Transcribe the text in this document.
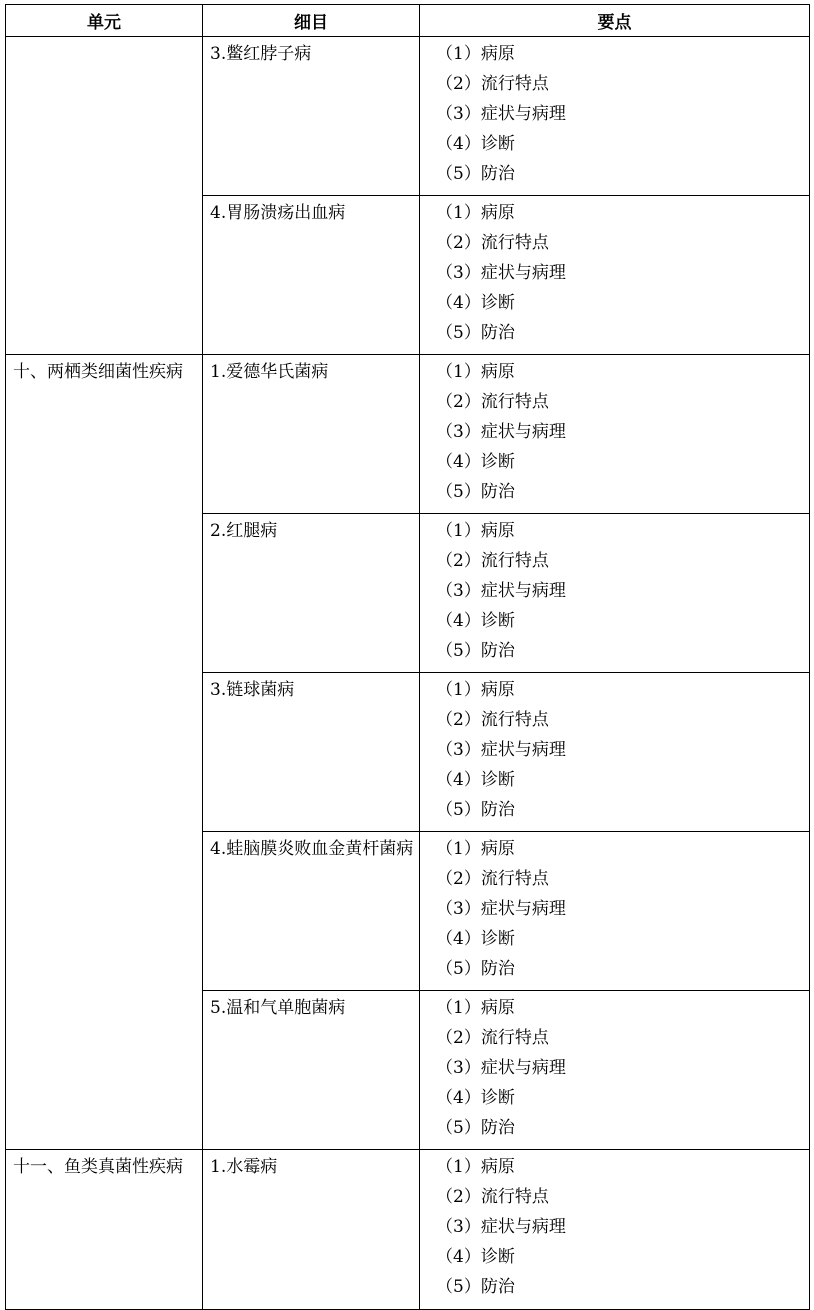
单元	细目	要点
	3.鳖红脖子病	（1）病原
（2）流行特点
（3）症状与病理
（4）诊断
（5）防治

	4.胃肠溃疡出血病	（1）病原
（2）流行特点
（3）症状与病理
（4）诊断
（5）防治

十、两栖类细菌性疾病	1.爱德华氏菌病	（1）病原
（2）流行特点
（3）症状与病理
（4）诊断
（5）防治

	2.红腿病	（1）病原
（2）流行特点
（3）症状与病理
（4）诊断
（5）防治

	3.链球菌病	（1）病原
（2）流行特点
（3）症状与病理
（4）诊断
（5）防治

	4.蛙脑膜炎败血金黄杆菌病	（1）病原
（2）流行特点
（3）症状与病理
（4）诊断
（5）防治

	5.温和气单胞菌病	（1）病原
（2）流行特点
（3）症状与病理
（4）诊断
（5）防治

十一、鱼类真菌性疾病	1.水霉病	（1）病原
（2）流行特点
（3）症状与病理
（4）诊断
（5）防治
